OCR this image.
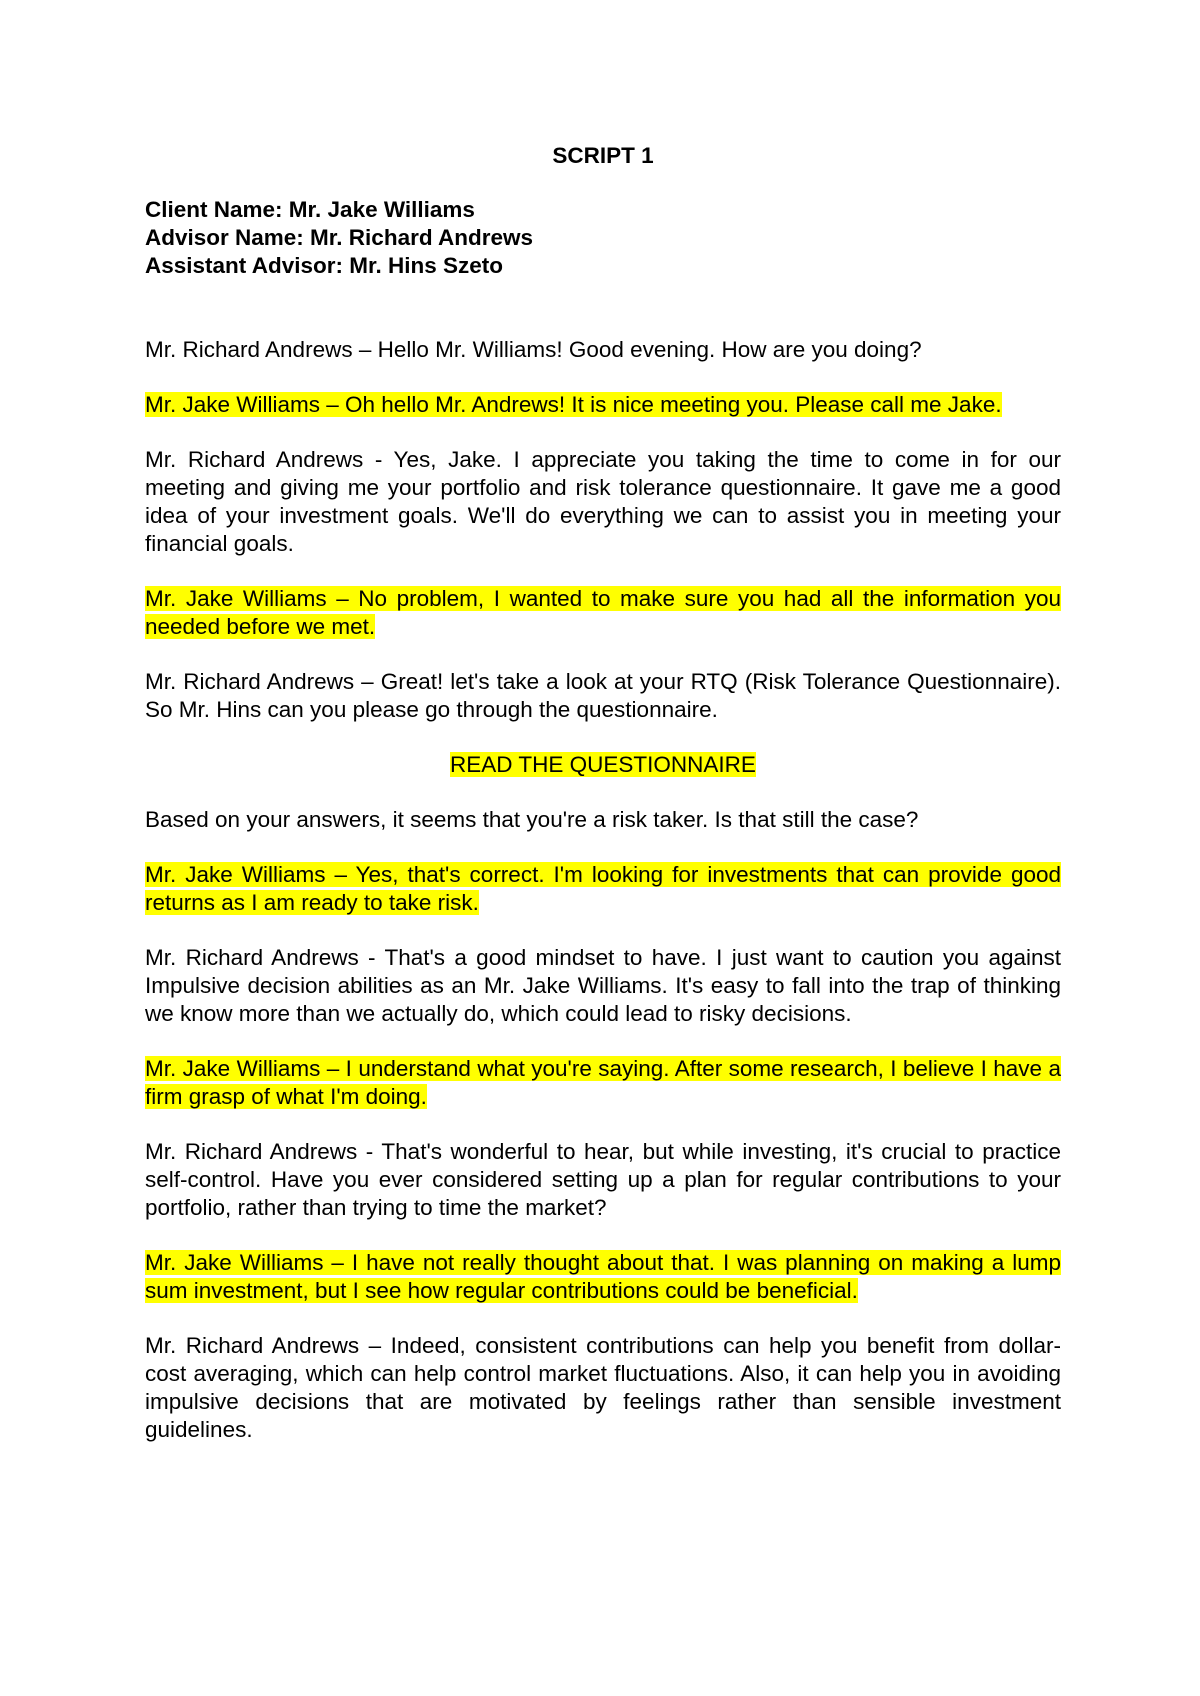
SCRIPT 1

Client Name: Mr. Jake Williams

Advisor Name: Mr. Richard Andrews

Assistant Advisor: Mr. Hins Szeto

Mr. Richard Andrews – Hello Mr. Williams! Good evening. How are you doing?

Mr. Jake Williams – Oh hello Mr. Andrews! It is nice meeting you. Please call me Jake.

Mr. Richard Andrews - Yes, Jake. I appreciate you taking the time to come in for our meeting and giving me your portfolio and risk tolerance questionnaire. It gave me a good idea of your investment goals. We'll do everything we can to assist you in meeting your financial goals.

Mr. Jake Williams – No problem, I wanted to make sure you had all the information you needed before we met.

Mr. Richard Andrews – Great! let's take a look at your RTQ (Risk Tolerance Questionnaire). So Mr. Hins can you please go through the questionnaire.

READ THE QUESTIONNAIRE

Based on your answers, it seems that you're a risk taker. Is that still the case?

Mr. Jake Williams – Yes, that's correct. I'm looking for investments that can provide good returns as I am ready to take risk.

Mr. Richard Andrews - That's a good mindset to have. I just want to caution you against Impulsive decision abilities as an Mr. Jake Williams. It's easy to fall into the trap of thinking we know more than we actually do, which could lead to risky decisions.

Mr. Jake Williams – I understand what you're saying. After some research, I believe I have a firm grasp of what I'm doing.

Mr. Richard Andrews - That's wonderful to hear, but while investing, it's crucial to practice self-control. Have you ever considered setting up a plan for regular contributions to your portfolio, rather than trying to time the market?

Mr. Jake Williams – I have not really thought about that. I was planning on making a lump sum investment, but I see how regular contributions could be beneficial.

Mr. Richard Andrews – Indeed, consistent contributions can help you benefit from dollar-cost averaging, which can help control market fluctuations. Also, it can help you in avoiding impulsive decisions that are motivated by feelings rather than sensible investment guidelines.
